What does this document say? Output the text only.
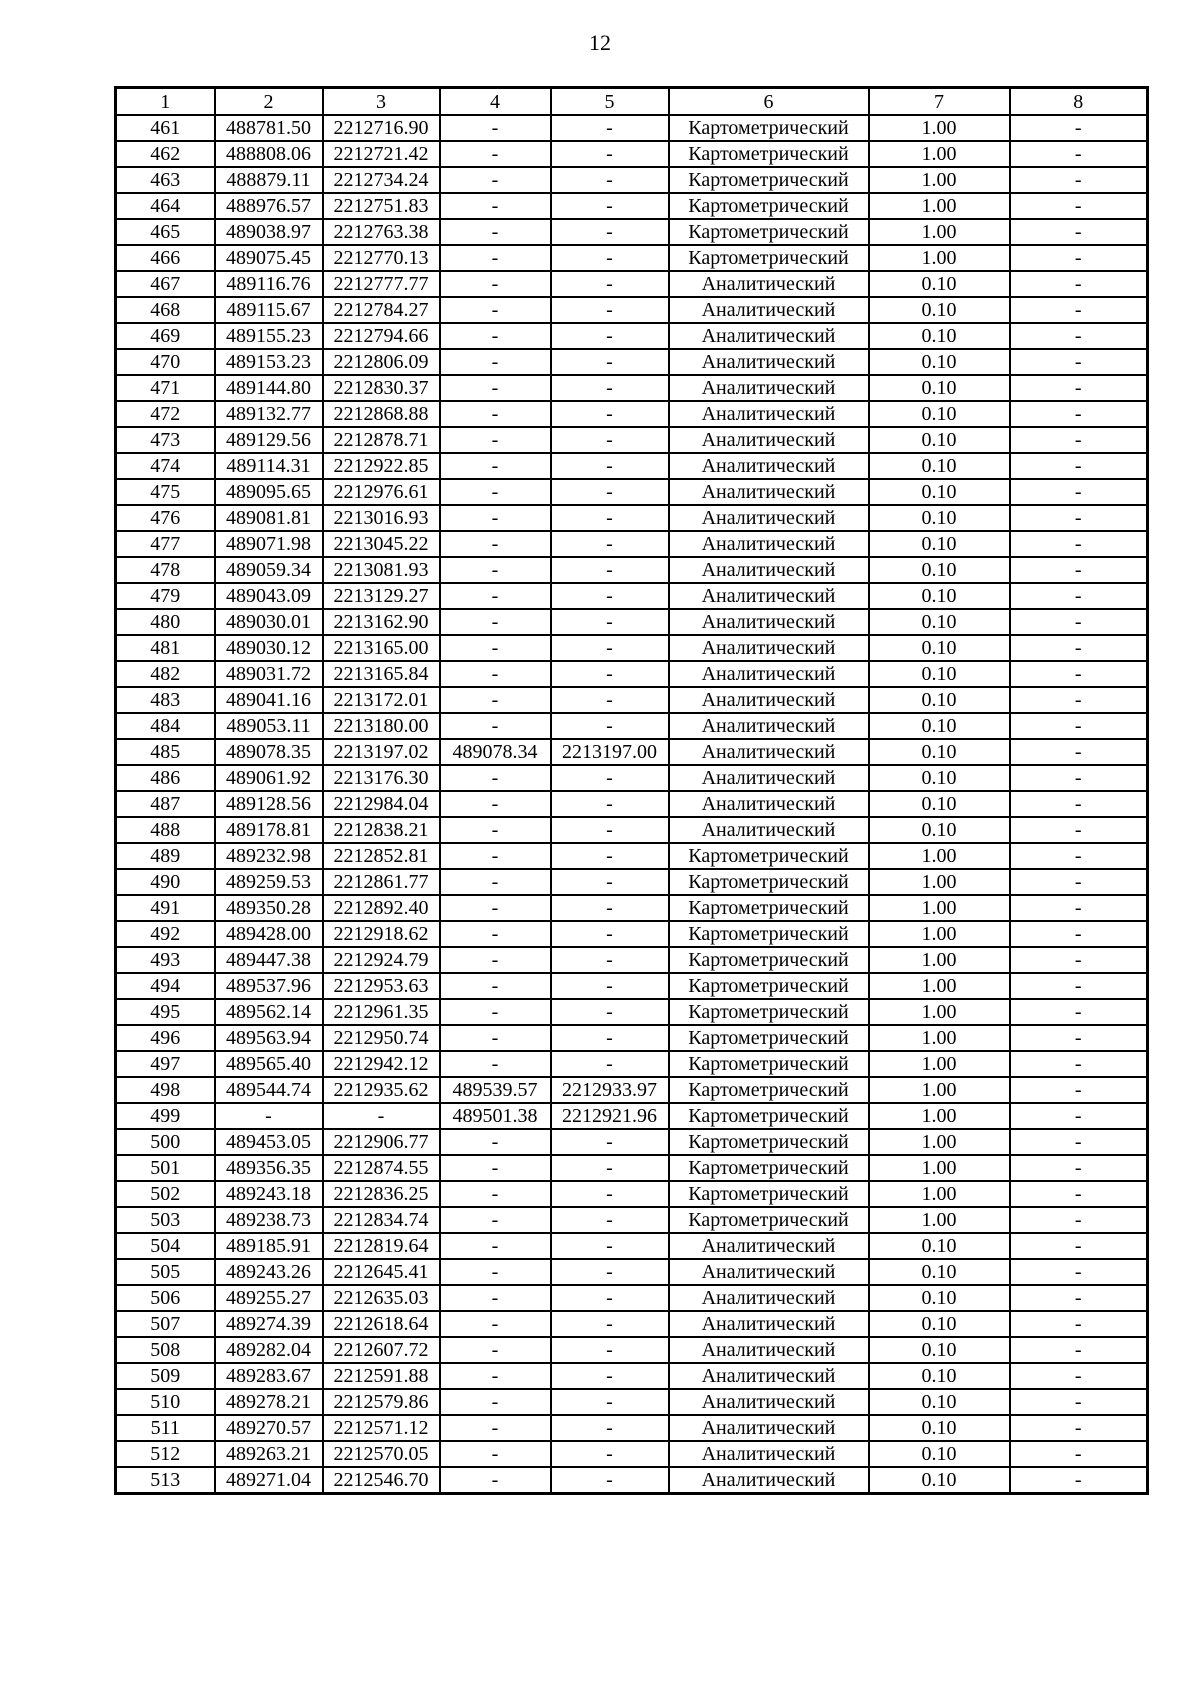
12
1	2	3	4	5	6	7	8
461	488781.50	2212716.90	-	-	Картометрический	1.00	-
462	488808.06	2212721.42	-	-	Картометрический	1.00	-
463	488879.11	2212734.24	-	-	Картометрический	1.00	-
464	488976.57	2212751.83	-	-	Картометрический	1.00	-
465	489038.97	2212763.38	-	-	Картометрический	1.00	-
466	489075.45	2212770.13	-	-	Картометрический	1.00	-
467	489116.76	2212777.77	-	-	Аналитический	0.10	-
468	489115.67	2212784.27	-	-	Аналитический	0.10	-
469	489155.23	2212794.66	-	-	Аналитический	0.10	-
470	489153.23	2212806.09	-	-	Аналитический	0.10	-
471	489144.80	2212830.37	-	-	Аналитический	0.10	-
472	489132.77	2212868.88	-	-	Аналитический	0.10	-
473	489129.56	2212878.71	-	-	Аналитический	0.10	-
474	489114.31	2212922.85	-	-	Аналитический	0.10	-
475	489095.65	2212976.61	-	-	Аналитический	0.10	-
476	489081.81	2213016.93	-	-	Аналитический	0.10	-
477	489071.98	2213045.22	-	-	Аналитический	0.10	-
478	489059.34	2213081.93	-	-	Аналитический	0.10	-
479	489043.09	2213129.27	-	-	Аналитический	0.10	-
480	489030.01	2213162.90	-	-	Аналитический	0.10	-
481	489030.12	2213165.00	-	-	Аналитический	0.10	-
482	489031.72	2213165.84	-	-	Аналитический	0.10	-
483	489041.16	2213172.01	-	-	Аналитический	0.10	-
484	489053.11	2213180.00	-	-	Аналитический	0.10	-
485	489078.35	2213197.02	489078.34	2213197.00	Аналитический	0.10	-
486	489061.92	2213176.30	-	-	Аналитический	0.10	-
487	489128.56	2212984.04	-	-	Аналитический	0.10	-
488	489178.81	2212838.21	-	-	Аналитический	0.10	-
489	489232.98	2212852.81	-	-	Картометрический	1.00	-
490	489259.53	2212861.77	-	-	Картометрический	1.00	-
491	489350.28	2212892.40	-	-	Картометрический	1.00	-
492	489428.00	2212918.62	-	-	Картометрический	1.00	-
493	489447.38	2212924.79	-	-	Картометрический	1.00	-
494	489537.96	2212953.63	-	-	Картометрический	1.00	-
495	489562.14	2212961.35	-	-	Картометрический	1.00	-
496	489563.94	2212950.74	-	-	Картометрический	1.00	-
497	489565.40	2212942.12	-	-	Картометрический	1.00	-
498	489544.74	2212935.62	489539.57	2212933.97	Картометрический	1.00	-
499	-	-	489501.38	2212921.96	Картометрический	1.00	-
500	489453.05	2212906.77	-	-	Картометрический	1.00	-
501	489356.35	2212874.55	-	-	Картометрический	1.00	-
502	489243.18	2212836.25	-	-	Картометрический	1.00	-
503	489238.73	2212834.74	-	-	Картометрический	1.00	-
504	489185.91	2212819.64	-	-	Аналитический	0.10	-
505	489243.26	2212645.41	-	-	Аналитический	0.10	-
506	489255.27	2212635.03	-	-	Аналитический	0.10	-
507	489274.39	2212618.64	-	-	Аналитический	0.10	-
508	489282.04	2212607.72	-	-	Аналитический	0.10	-
509	489283.67	2212591.88	-	-	Аналитический	0.10	-
510	489278.21	2212579.86	-	-	Аналитический	0.10	-
511	489270.57	2212571.12	-	-	Аналитический	0.10	-
512	489263.21	2212570.05	-	-	Аналитический	0.10	-
513	489271.04	2212546.70	-	-	Аналитический	0.10	-
